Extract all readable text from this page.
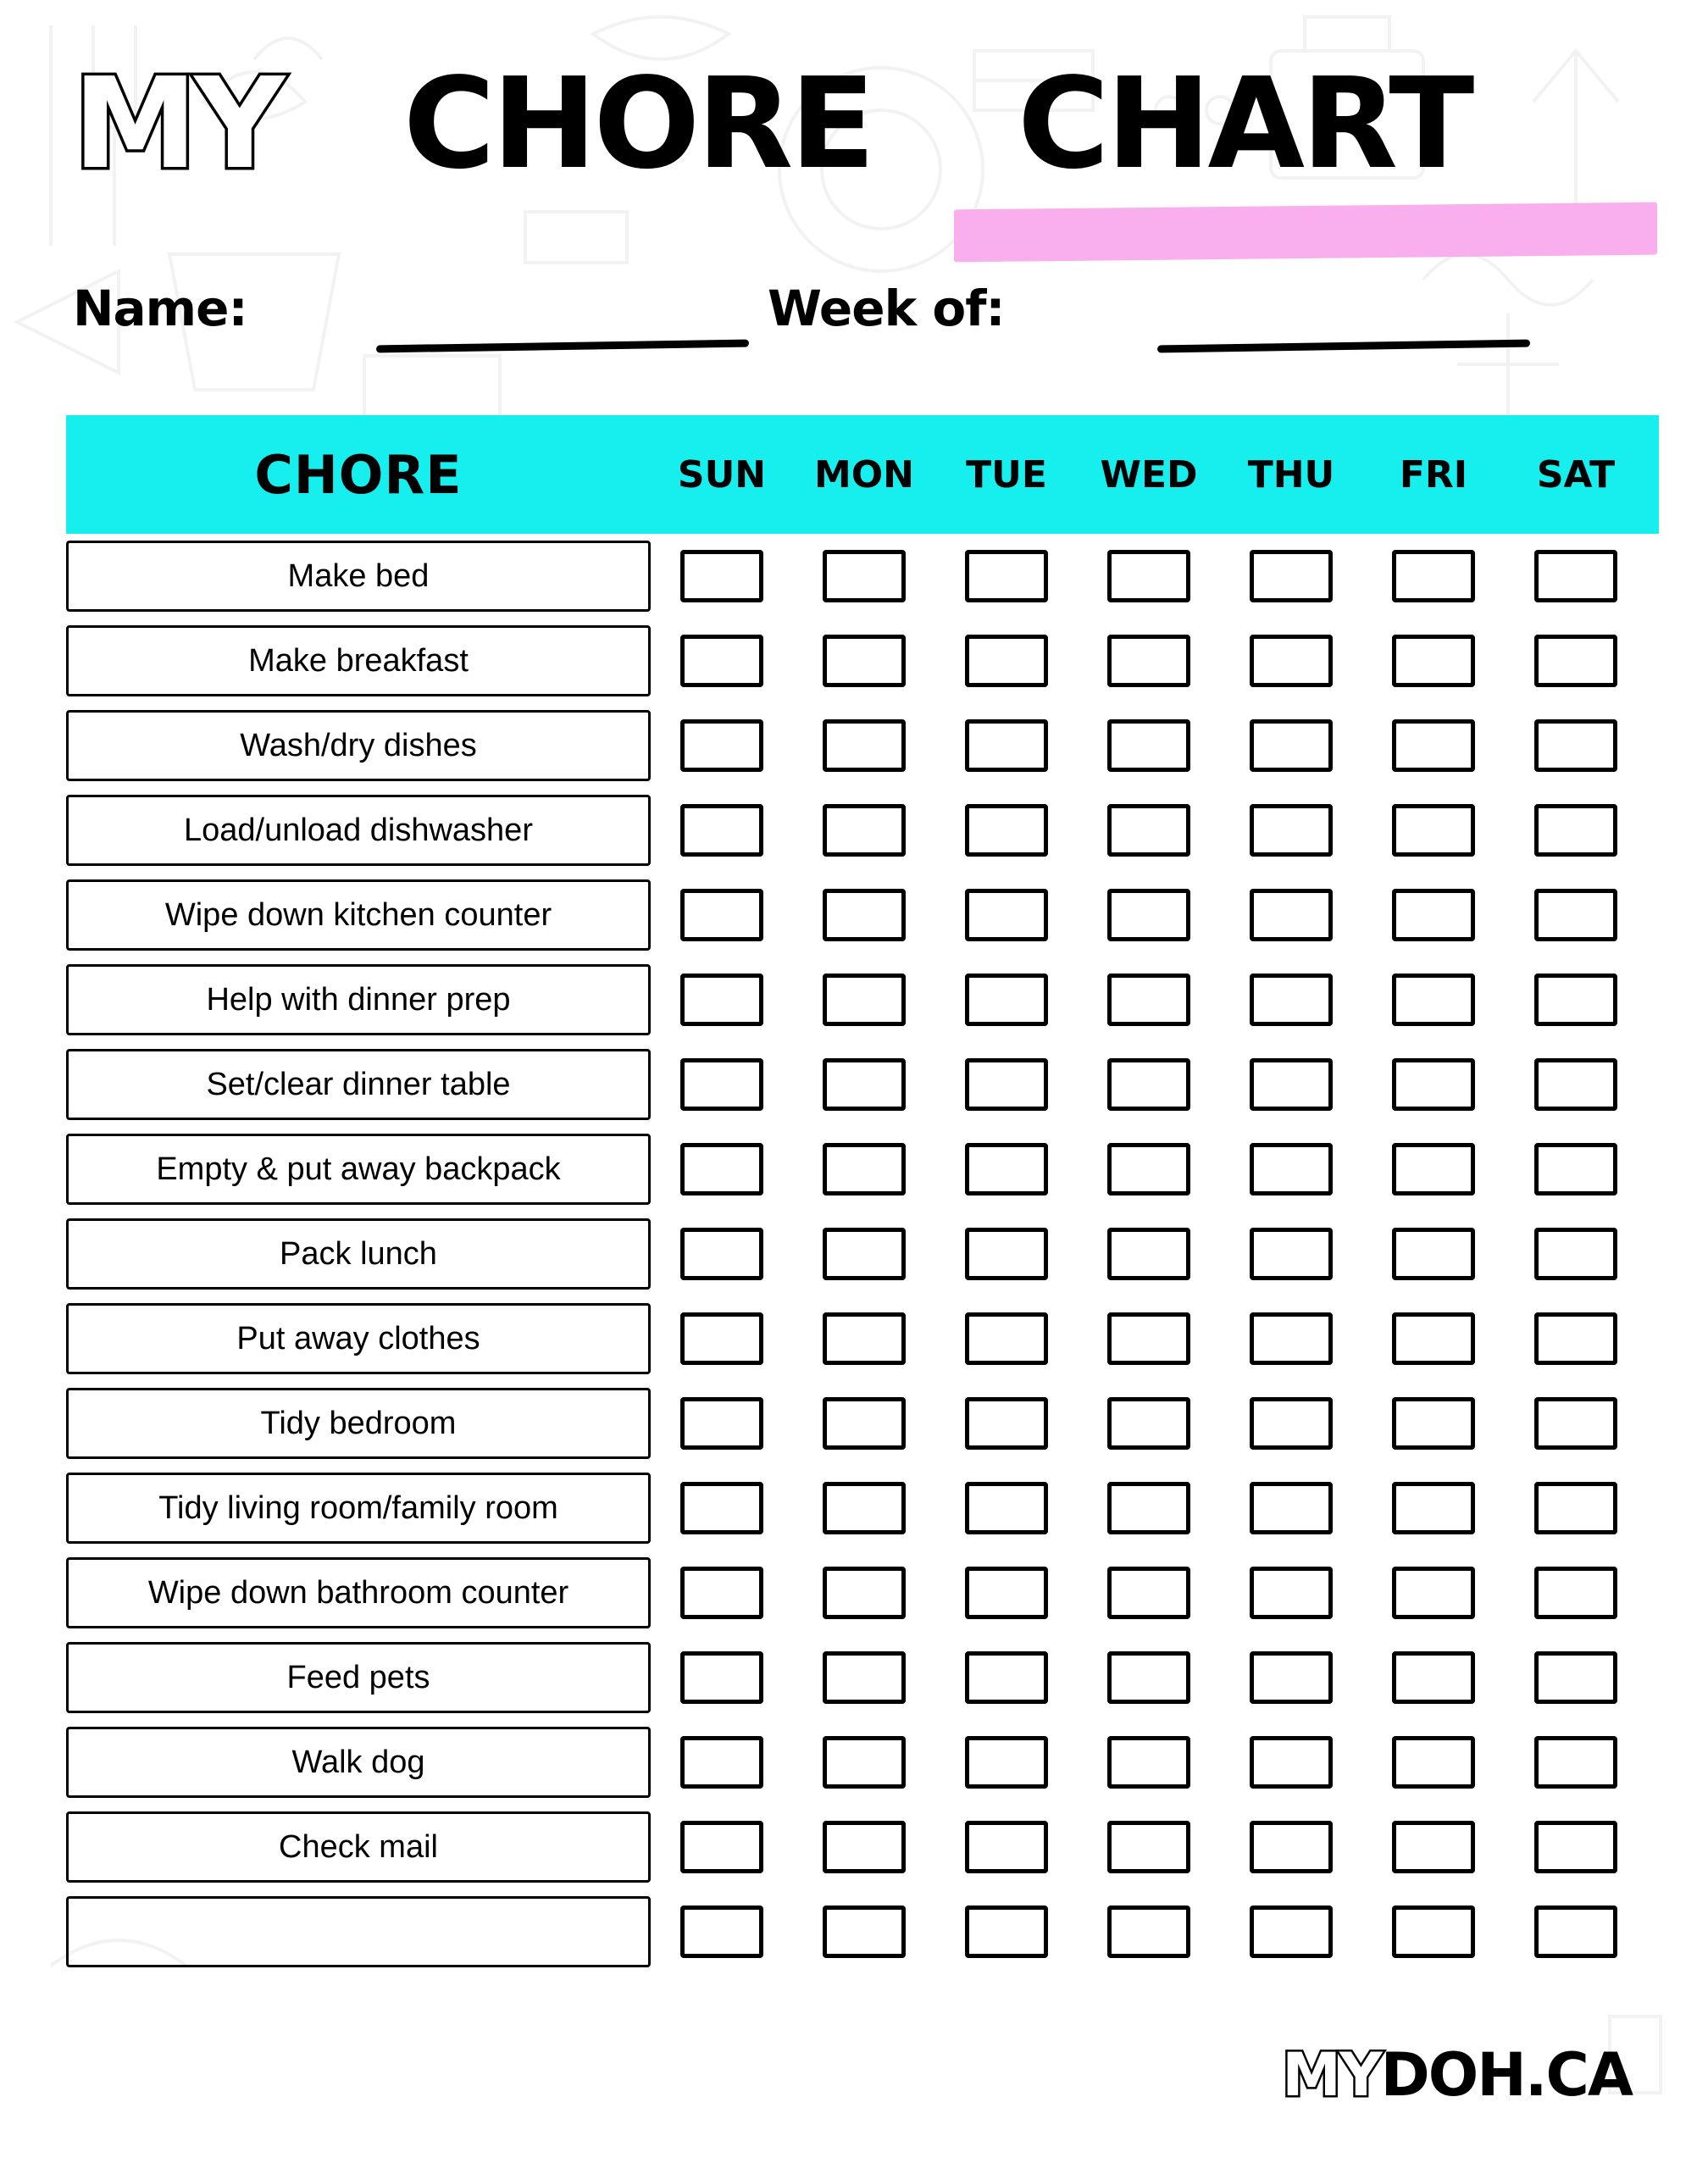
MY CHORE CHART
Name:	Week of:
CHORE	SUN	MON	TUE	WED	THU	FRI	SAT
Make bed
Make breakfast
Wash/dry dishes
Load/unload dishwasher
Wipe down kitchen counter
Help with dinner prep
Set/clear dinner table
Empty & put away backpack
Pack lunch
Put away clothes
Tidy bedroom
Tidy living room/family room
Wipe down bathroom counter
Feed pets
Walk dog
Check mail
MYDOH.CA
